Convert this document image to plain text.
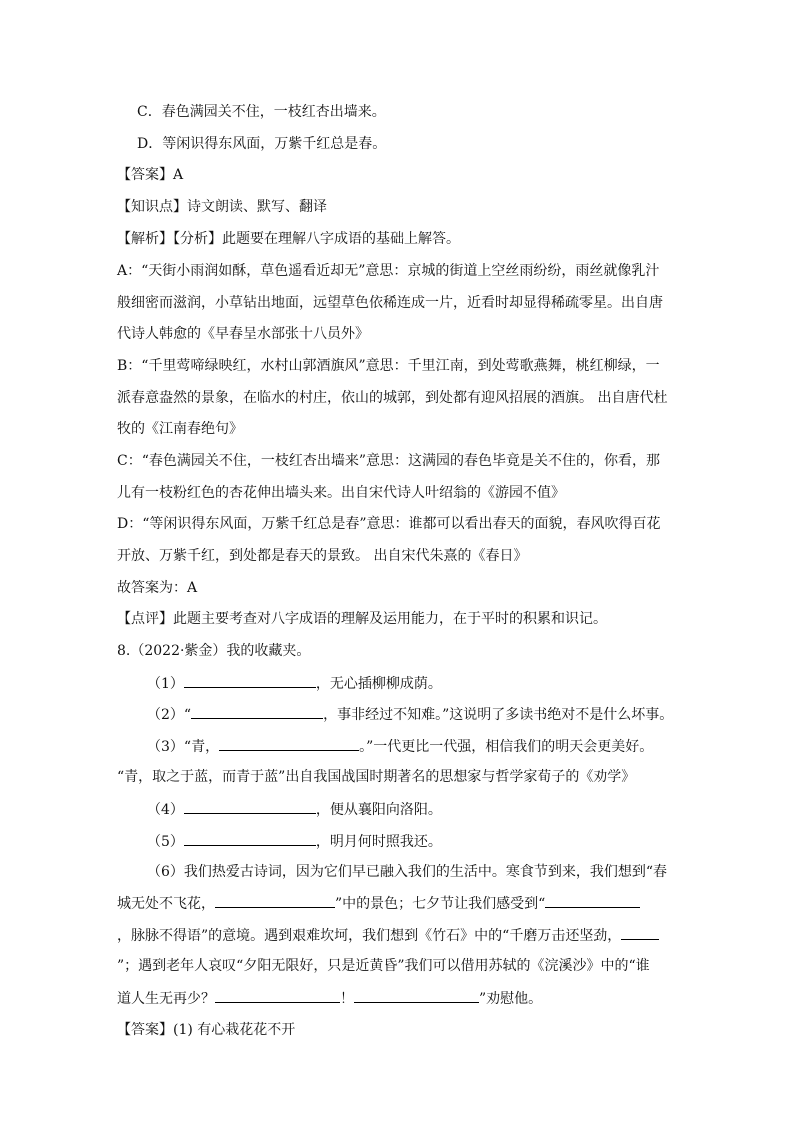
C．春色满园关不住，一枝红杏出墙来。
D．等闲识得东风面，万紫千红总是春。
【答案】A
【知识点】诗文朗读、默写、翻译
【解析】【分析】此题要在理解八字成语的基础上解答。
A：“天街小雨润如酥，草色遥看近却无”意思：京城的街道上空丝雨纷纷，雨丝就像乳汁
般细密而滋润，小草钻出地面，远望草色依稀连成一片，近看时却显得稀疏零星。出自唐
代诗人韩愈的《早春呈水部张十八员外》
B：“千里莺啼绿映红，水村山郭酒旗风”意思：千里江南，到处莺歌燕舞，桃红柳绿，一
派春意盎然的景象，在临水的村庄，依山的城郭，到处都有迎风招展的酒旗。 出自唐代杜
牧的《江南春绝句》
C：“春色满园关不住，一枝红杏出墙来”意思：这满园的春色毕竟是关不住的，你看，那
儿有一枝粉红色的杏花伸出墙头来。出自宋代诗人叶绍翁的《游园不值》
D：“等闲识得东风面，万紫千红总是春”意思：谁都可以看出春天的面貌，春风吹得百花
开放、万紫千红，到处都是春天的景致。 出自宋代朱熹的《春日》
故答案为：A
【点评】此题主要考查对八字成语的理解及运用能力，在于平时的积累和识记。
8.（2022·紫金）我的收藏夹。
（1）	，无心插柳柳成荫。
（2）“	，事非经过不知难。”这说明了多读书绝对不是什么坏事。
（3）“青，	。”一代更比一代强，相信我们的明天会更美好。
“青，取之于蓝，而青于蓝”出自我国战国时期著名的思想家与哲学家荀子的《劝学》
（4）	，便从襄阳向洛阳。
（5）	，明月何时照我还。
（6）我们热爱古诗词，因为它们早已融入我们的生活中。寒食节到来，我们想到“春
城无处不飞花，	”中的景色；七夕节让我们感受到“
，脉脉不得语”的意境。遇到艰难坎坷，我们想到《竹石》中的“千磨万击还坚劲，
”；遇到老年人哀叹“夕阳无限好，只是近黄昏”我们可以借用苏轼的《浣溪沙》中的“谁
道人生无再少？	！	”劝慰他。
【答案】(1) 有心栽花花不开
